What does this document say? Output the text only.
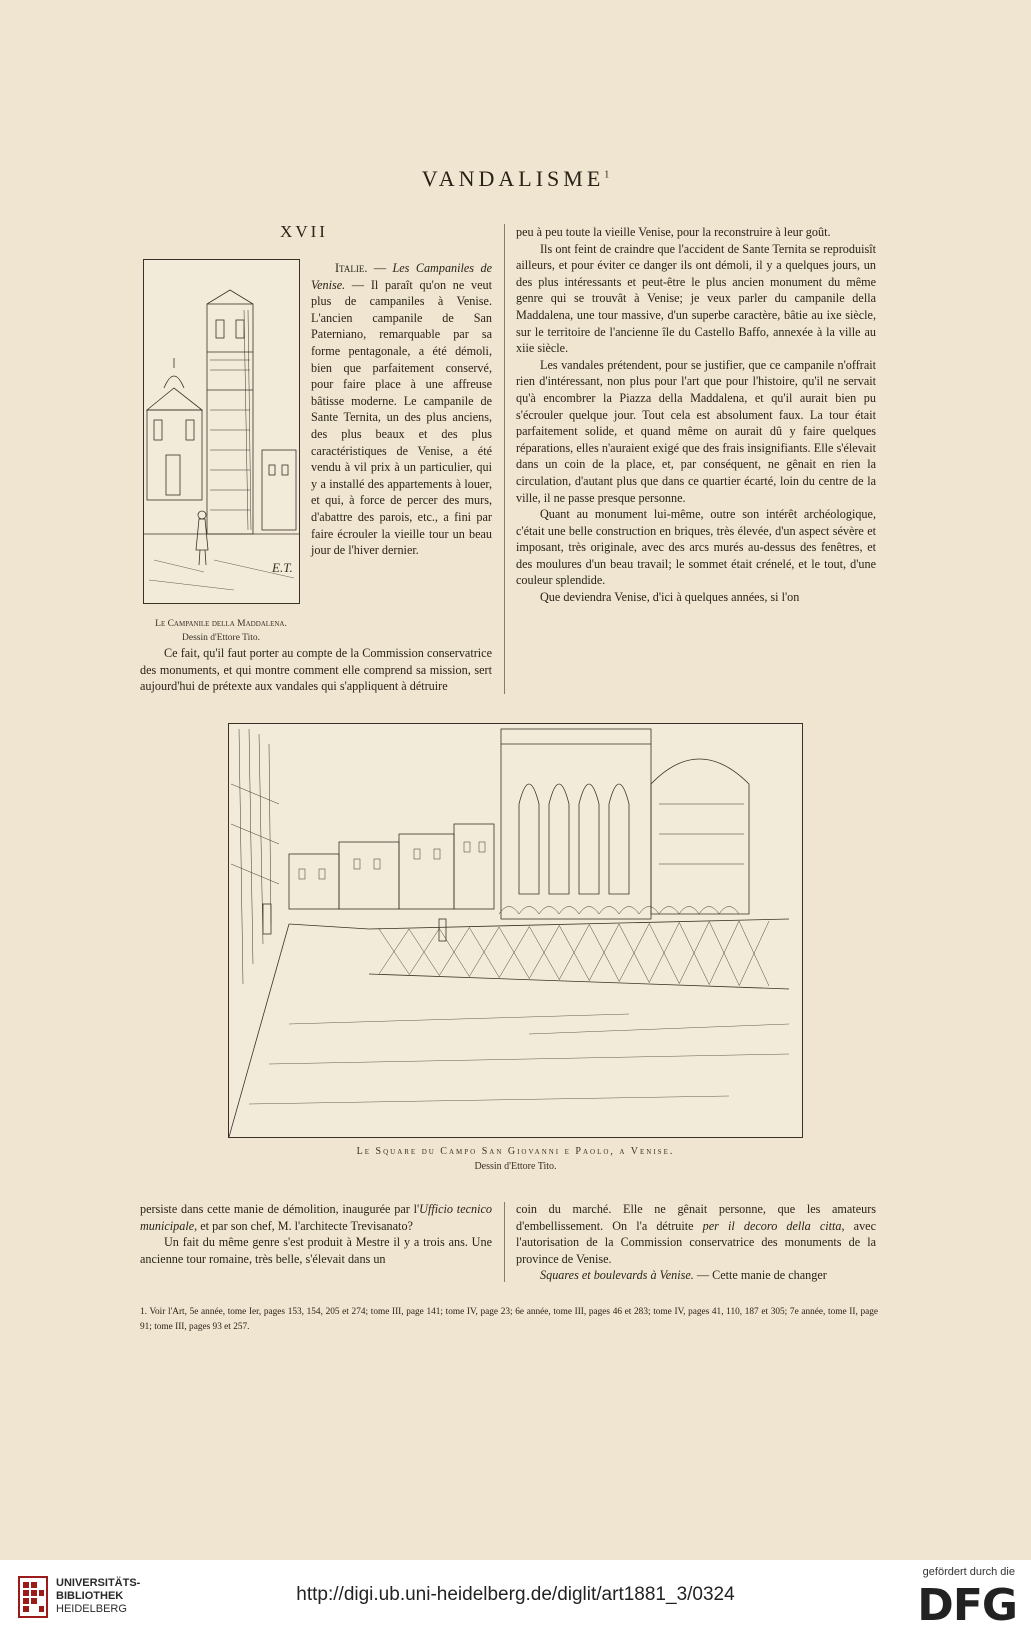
VANDALISME$^1$
XVII
E.T.
Le Campanile della Maddalena.
Dessin d'Ettore Tito.

Italie. — Les Campaniles de Venise. — Il paraît qu'on ne veut plus de campaniles à Venise. L'ancien campanile de San Paterniano, remarquable par sa forme pentagonale, a été démoli, bien que parfaitement conservé, pour faire place à une affreuse bâtisse moderne. Le campanile de Sante Ternita, un des plus anciens, des plus beaux et des plus caractéristiques de Venise, a été vendu à vil prix à un particulier, qui y a installé des appartements à louer, et qui, à force de percer des murs, d'abattre des parois, etc., a fini par faire écrouler la vieille tour un beau jour de l'hiver dernier.

Ce fait, qu'il faut porter au compte de la Commission conservatrice des monuments, et qui montre comment elle comprend sa mission, sert aujourd'hui de prétexte aux vandales qui s'appliquent à détruire

peu à peu toute la vieille Venise, pour la reconstruire à leur goût.

Ils ont feint de craindre que l'accident de Sante Ternita se reproduisît ailleurs, et pour éviter ce danger ils ont démoli, il y a quelques jours, un des plus intéressants et peut-être le plus ancien monument du même genre qui se trouvât à Venise; je veux parler du campanile della Maddalena, une tour massive, d'un superbe caractère, bâtie au ixe siècle, sur le territoire de l'ancienne île du Castello Baffo, annexée à la ville au xiie siècle.

Les vandales prétendent, pour se justifier, que ce campanile n'offrait rien d'intéressant, non plus pour l'art que pour l'histoire, qu'il ne servait qu'à encombrer la Piazza della Maddalena, et qu'il aurait bien pu s'écrouler quelque jour. Tout cela est absolument faux. La tour était parfaitement solide, et quand même on aurait dû y faire quelques réparations, elles n'auraient exigé que des frais insignifiants. Elle s'élevait dans un coin de la place, et, par conséquent, ne gênait en rien la circulation, d'autant plus que dans ce quartier écarté, loin du centre de la ville, il ne passe presque personne.

Quant au monument lui-même, outre son intérêt archéologique, c'était une belle construction en briques, très élevée, d'un aspect sévère et imposant, très originale, avec des arcs murés au-dessus des fenêtres, et des moulures d'un beau travail; le sommet était crénelé, et le tout, d'une couleur splendide.

Que deviendra Venise, d'ici à quelques années, si l'on

Le Square du Campo San Giovanni e Paolo, a Venise.
Dessin d'Ettore Tito.

persiste dans cette manie de démolition, inaugurée par l'Ufficio tecnico municipale, et par son chef, M. l'architecte Trevisanato?

Un fait du même genre s'est produit à Mestre il y a trois ans. Une ancienne tour romaine, très belle, s'élevait dans un

coin du marché. Elle ne gênait personne, que les amateurs d'embellissement. On l'a détruite per il decoro della citta, avec l'autorisation de la Commission conservatrice des monuments de la province de Venise.

Squares et boulevards à Venise. — Cette manie de changer

1. Voir l'Art, 5e année, tome Ier, pages 153, 154, 205 et 274; tome III, page 141; tome IV, page 23; 6e année, tome III, pages 46 et 283; tome IV, pages 41, 110, 187 et 305; 7e année, tome II, page 91; tome III, pages 93 et 257.
UNIVERSITÄTS-
BIBLIOTHEK
HEIDELBERG
http://digi.ub.uni-heidelberg.de/diglit/art1881_3/0324
gefördert durch die
DFG
